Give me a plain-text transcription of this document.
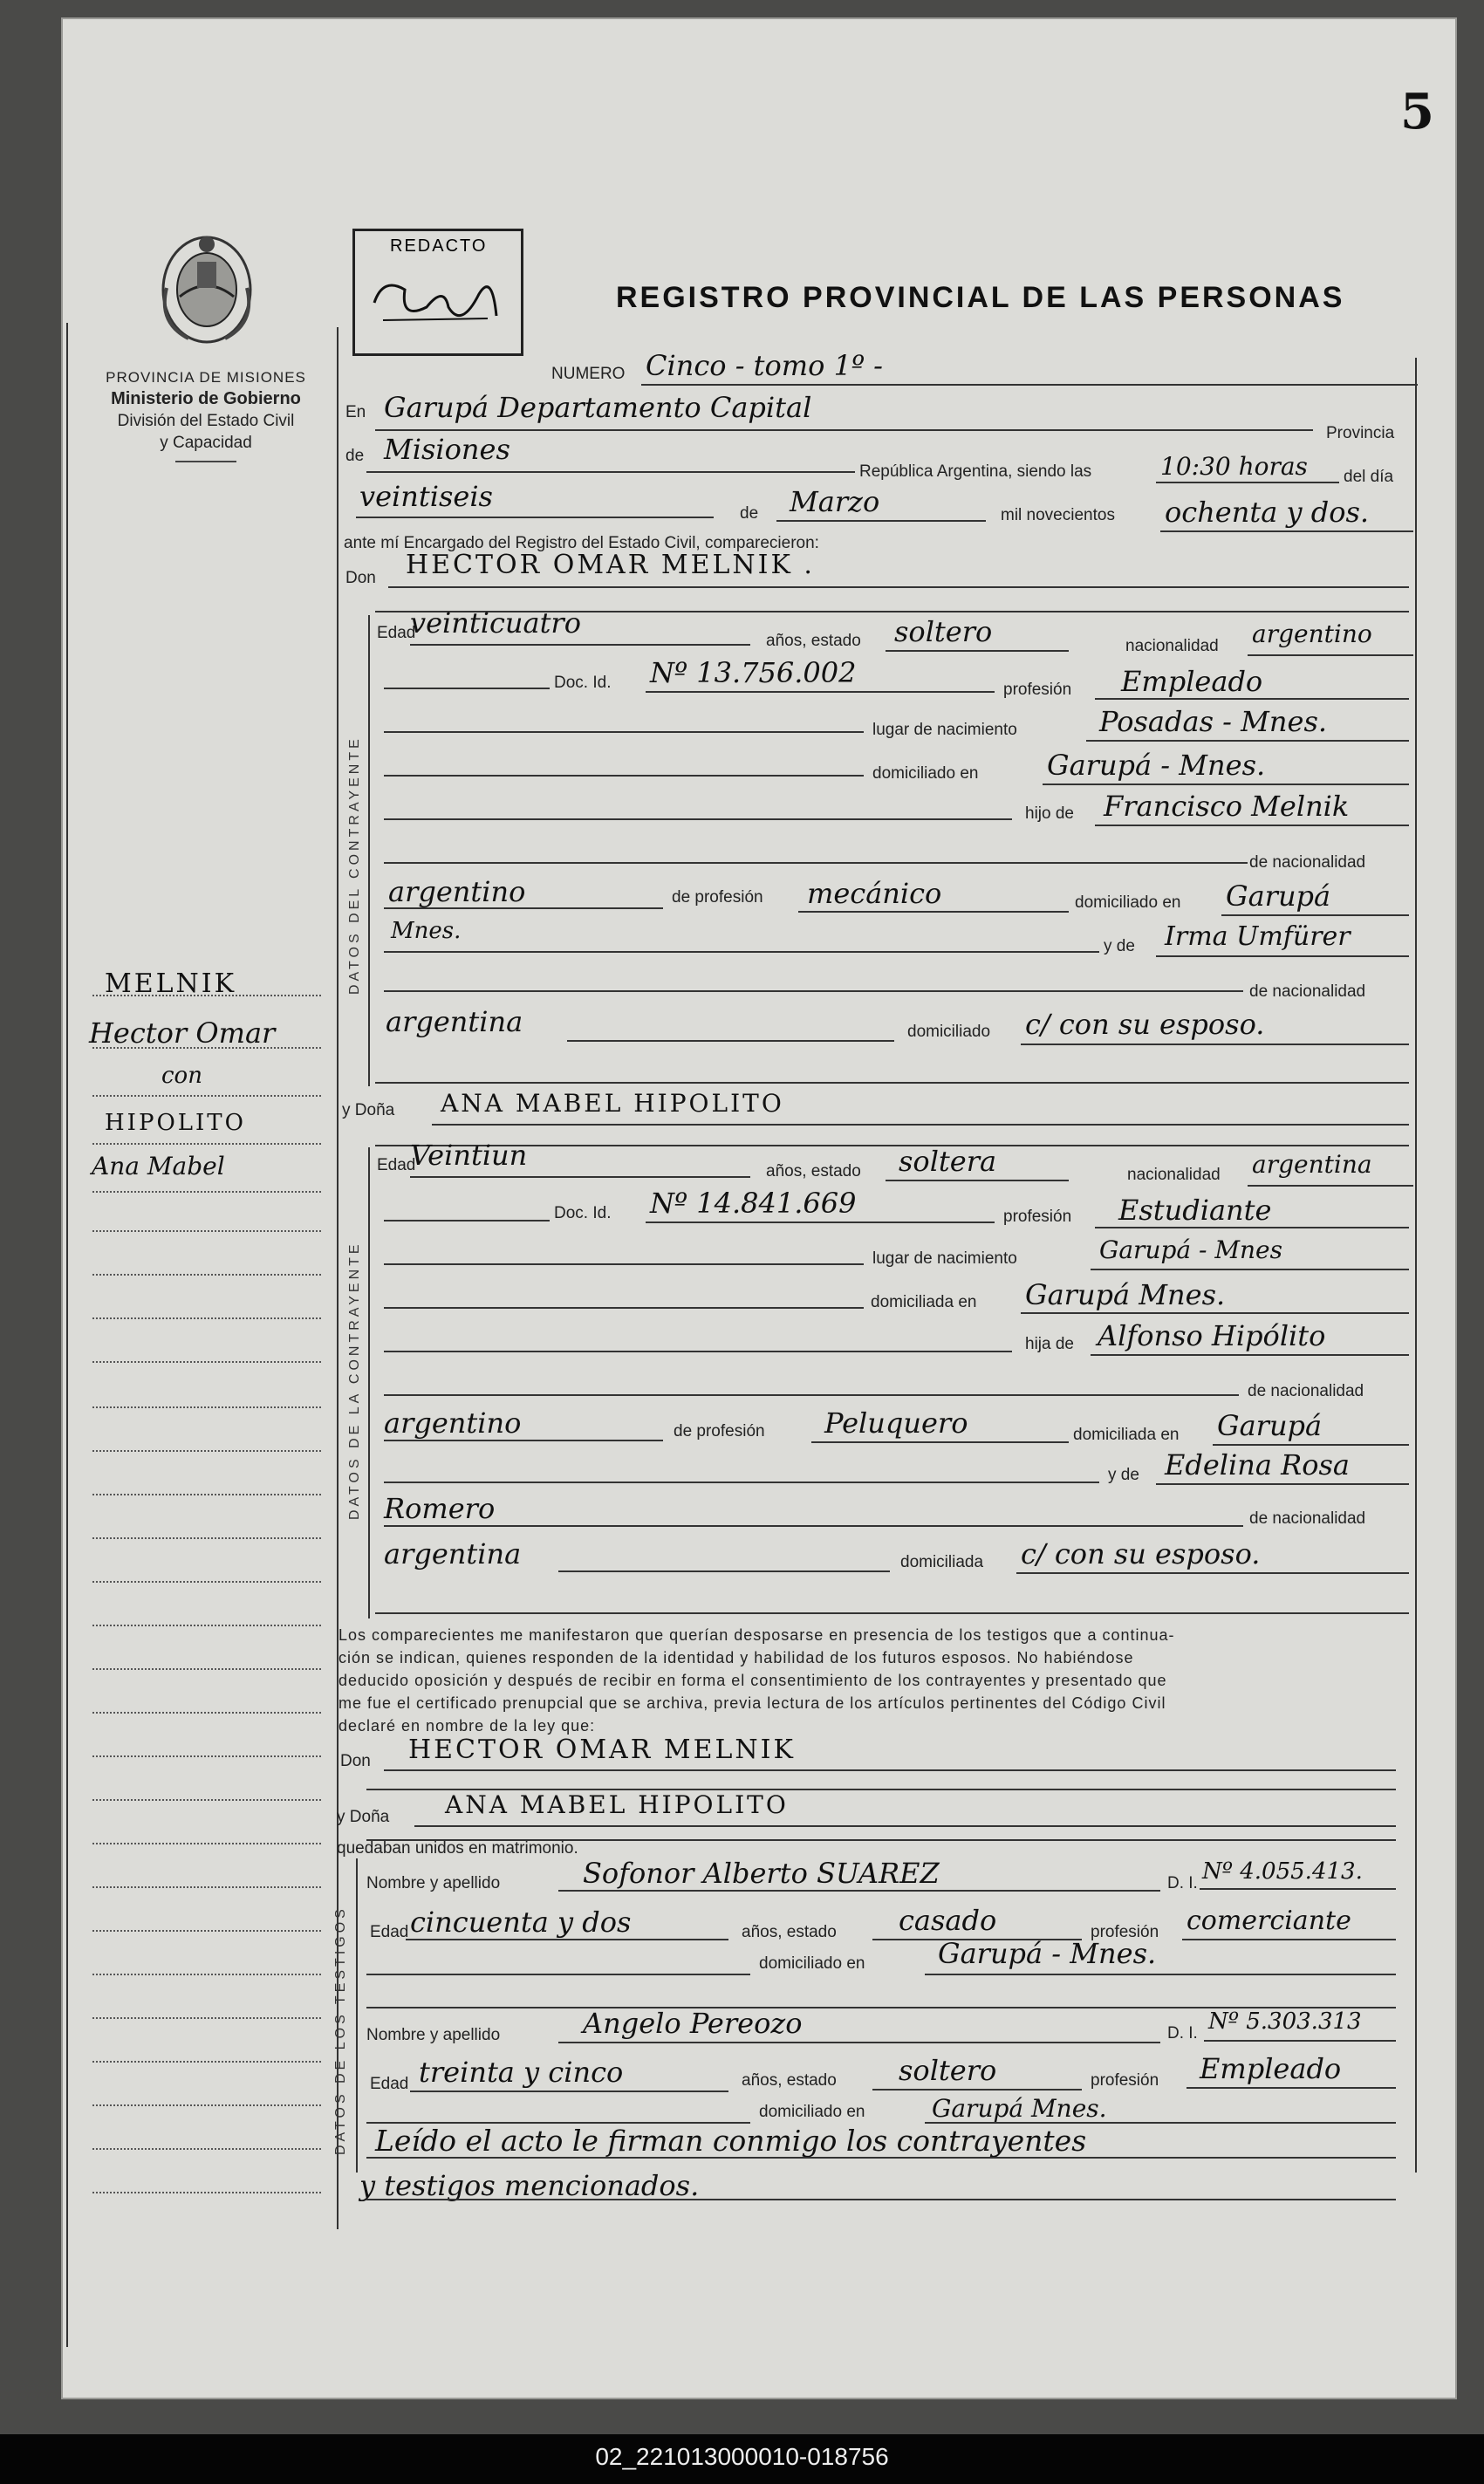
5
PROVINCIA DE MISIONES
Ministerio de Gobierno
División del Estado Civil
y Capacidad
REDACTO
REGISTRO PROVINCIAL DE LAS PERSONAS
MELNIK
Hector Omar
con
HIPOLITO
Ana Mabel
NUMERO Cinco - tomo 1º -
En Garupá Departamento Capital
Provincia
de Misiones
República Argentina, siendo las	10:30 horas del día
veintiseis
de Marzo	mil novecientos ochenta y dos.
ante mí Encargado del Registro del Estado Civil, comparecieron:
Don HECTOR OMAR MELNIK .
DATOS DEL CONTRAYENTE
Edad
veinticuatro
años, estado soltero	nacionalidad argentino
Doc. Id. Nº 13.756.002
profesión Empleado
lugar de nacimiento	Posadas - Mnes.
domiciliado en Garupá - Mnes.
hijo de Francisco Melnik
de nacionalidad
argentino	de profesión mecánico	domiciliado en Garupá
Mnes.
y de Irma Umfürer
de nacionalidad
argentina	domiciliado c/ con su esposo.
y Doña ANA MABEL HIPOLITO
DATOS DE LA CONTRAYENTE
Edad
Veintiun	años, estado soltera	nacionalidad argentina
Doc. Id. Nº 14.841.669	profesión Estudiante
lugar de nacimiento	Garupá - Mnes
domiciliada en Garupá Mnes.
hija de Alfonso Hipólito
de nacionalidad
argentino	de profesión Peluquero	domiciliada en Garupá
y de Edelina Rosa
Romero	de nacionalidad
argentina	domiciliada c/ con su esposo.
Los comparecientes me manifestaron que querían desposarse en presencia de los testigos que a continua-
ción se indican, quienes responden de la identidad y habilidad de los futuros esposos. No habiéndose
deducido oposición y después de recibir en forma el consentimiento de los contrayentes y presentado que
me fue el certificado prenupcial que se archiva, previa lectura de los artículos pertinentes del Código Civil
declaré en nombre de la ley que:
Don HECTOR OMAR MELNIK
y Doña ANA MABEL HIPOLITO
quedaban unidos en matrimonio.
DATOS DE LOS TESTIGOS
Nombre y apellido	Sofonor Alberto SUAREZ	D. I. Nº 4.055.413.
Edad cincuenta y dos	años, estado casado	profesión comerciante
domiciliado en	Garupá - Mnes.
Nombre y apellido	Angelo Pereozo	D. I. Nº 5.303.313
Edad treinta y cinco	años, estado soltero	profesión Empleado
domiciliado en	Garupá Mnes.
Leído el acto le firman conmigo los contrayentes
y testigos mencionados.
02_221013000010-018756
